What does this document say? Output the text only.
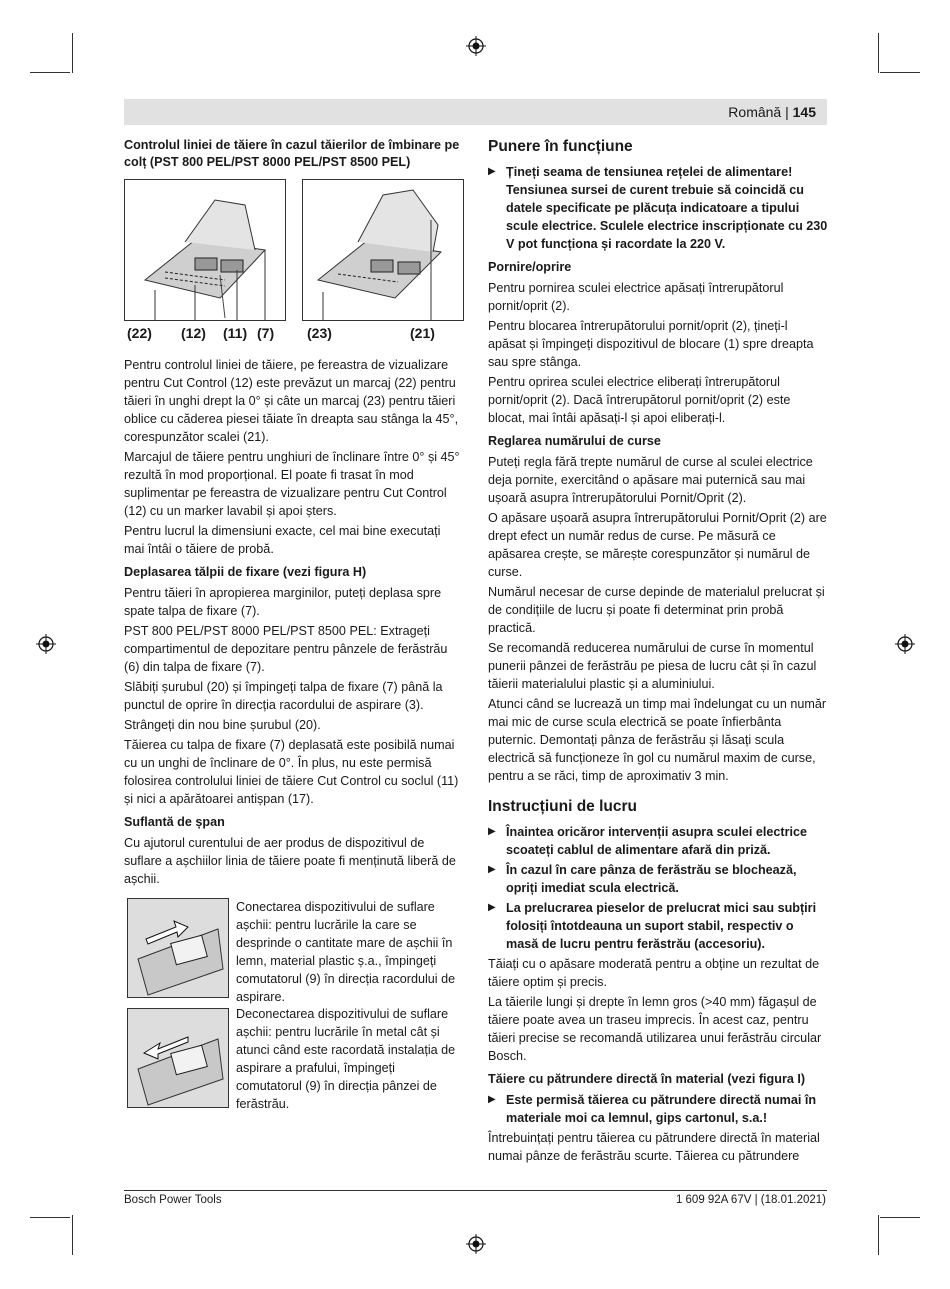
Română | 145
Controlul liniei de tăiere în cazul tăierilor de îmbinare pe colț (PST 800 PEL/PST 8000 PEL/PST 8500 PEL)
(22) (12) (11) (7) (23)	(21)

Pentru controlul liniei de tăiere, pe fereastra de vizualizare pentru Cut Control (12) este prevăzut un marcaj (22) pentru tăieri în unghi drept la 0° și câte un marcaj (23) pentru tăieri oblice cu căderea piesei tăiate în dreapta sau stânga la 45°, corespunzător scalei (21).

Marcajul de tăiere pentru unghiuri de înclinare între 0° și 45° rezultă în mod proporțional. El poate fi trasat în mod suplimentar pe fereastra de vizualizare pentru Cut Control (12) cu un marker lavabil și apoi șters.

Pentru lucrul la dimensiuni exacte, cel mai bine executați mai întâi o tăiere de probă.

Deplasarea tălpii de fixare (vezi figura H)

Pentru tăieri în apropierea marginilor, puteți deplasa spre spate talpa de fixare (7).

PST 800 PEL/PST 8000 PEL/PST 8500 PEL: Extrageți compartimentul de depozitare pentru pânzele de ferăstrău (6) din talpa de fixare (7).

Slăbiți șurubul (20) și împingeți talpa de fixare (7) până la punctul de oprire în direcția racordului de aspirare (3).

Strângeți din nou bine șurubul (20).

Tăierea cu talpa de fixare (7) deplasată este posibilă numai cu un unghi de înclinare de 0°. În plus, nu este permisă folosirea controlului liniei de tăiere Cut Control cu soclul (11) și nici a apărătoarei antișpan (17).

Suflantă de șpan

Cu ajutorul curentului de aer produs de dispozitivul de suflare a așchiilor linia de tăiere poate fi menținută liberă de așchii.

Conectarea dispozitivului de suflare așchii: pentru lucrările la care se desprinde o cantitate mare de așchii în lemn, material plastic ș.a., împingeți comutatorul (9) în direcția racordului de aspirare.

Deconectarea dispozitivului de suflare așchii: pentru lucrările în metal cât și atunci când este racordată instalația de aspirare a prafului, împingeți comutatorul (9) în direcția pânzei de ferăstrău.

Punere în funcțiune

▶ Țineți seama de tensiunea rețelei de alimentare! Tensiunea sursei de curent trebuie să coincidă cu datele specificate pe plăcuța indicatoare a tipului scule electrice. Sculele electrice inscripționate cu 230 V pot funcționa și racordate la 220 V.

Pornire/oprire

Pentru pornirea sculei electrice apăsați întrerupătorul pornit/oprit (2).

Pentru blocarea întrerupătorului pornit/oprit (2), țineți-l apăsat și împingeți dispozitivul de blocare (1) spre dreapta sau spre stânga.

Pentru oprirea sculei electrice eliberați întrerupătorul pornit/oprit (2). Dacă întrerupătorul pornit/oprit (2) este blocat, mai întâi apăsați-l și apoi eliberați-l.

Reglarea numărului de curse

Puteți regla fără trepte numărul de curse al sculei electrice deja pornite, exercitând o apăsare mai puternică sau mai ușoară asupra întrerupătorului Pornit/Oprit (2).

O apăsare ușoară asupra întrerupătorului Pornit/Oprit (2) are drept efect un număr redus de curse. Pe măsură ce apăsarea crește, se mărește corespunzător și numărul de curse.

Numărul necesar de curse depinde de materialul prelucrat și de condițiile de lucru și poate fi determinat prin probă practică.

Se recomandă reducerea numărului de curse în momentul punerii pânzei de ferăstrău pe piesa de lucru cât și în cazul tăierii materialului plastic și a aluminiului.

Atunci când se lucrează un timp mai îndelungat cu un număr mai mic de curse scula electrică se poate înfierbânta puternic. Demontați pânza de ferăstrău și lăsați scula electrică să funcționeze în gol cu numărul maxim de curse, pentru a se răci, timp de aproximativ 3 min.

Instrucțiuni de lucru

▶ Înaintea oricăror intervenții asupra sculei electrice scoateți cablul de alimentare afară din priză.

▶ În cazul în care pânza de ferăstrău se blochează, opriți imediat scula electrică.

▶ La prelucrarea pieselor de prelucrat mici sau subțiri folosiți întotdeauna un suport stabil, respectiv o masă de lucru pentru ferăstrău (accesoriu).

Tăiați cu o apăsare moderată pentru a obține un rezultat de tăiere optim și precis.

La tăierile lungi și drepte în lemn gros (>40 mm) făgașul de tăiere poate avea un traseu imprecis. În acest caz, pentru tăieri precise se recomandă utilizarea unui ferăstrău circular Bosch.

Tăiere cu pătrundere directă în material (vezi figura I)

▶ Este permisă tăierea cu pătrundere directă numai în materiale moi ca lemnul, gips cartonul, s.a.!

Întrebuințați pentru tăierea cu pătrundere directă în material numai pânze de ferăstrău scurte. Tăierea cu pătrundere

Bosch Power Tools	1 609 92A 67V | (18.01.2021)
